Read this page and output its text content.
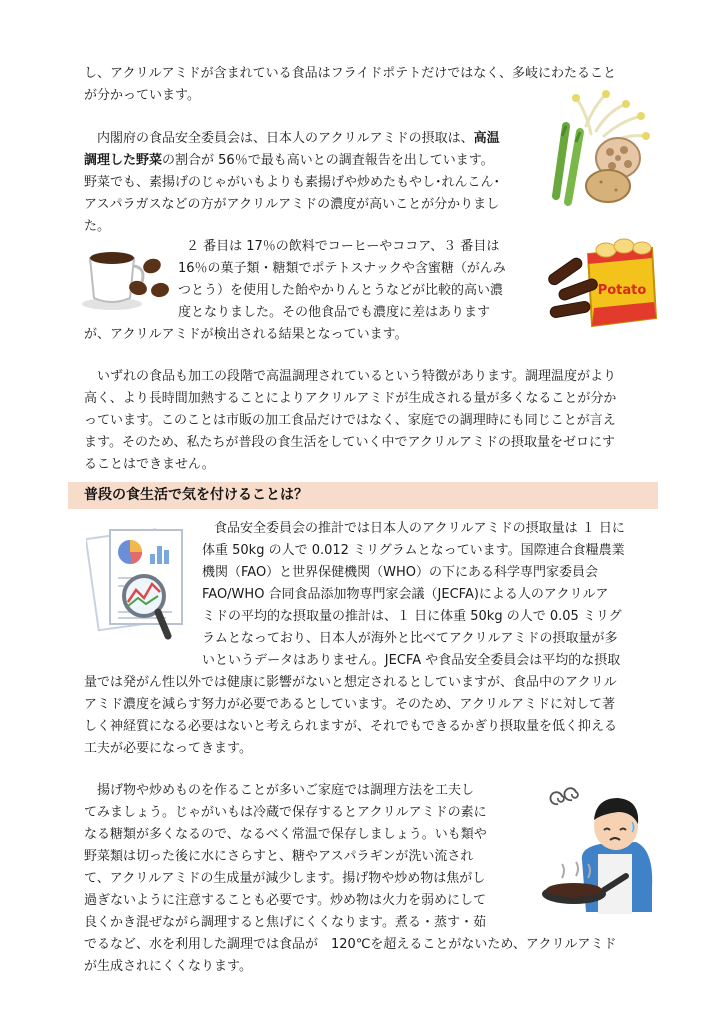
し、アクリルアミドが含まれている食品はフライドポテトだけではなく、多岐にわたること
が分かっています。
　内閣府の食品安全委員会は、日本人のアクリルアミドの摂取は、高温
調理した野菜の割合が 56％で最も高いとの調査報告を出しています。
野菜でも、素揚げのじゃがいもよりも素揚げや炒めたもやし･れんこん･
アスパラガスなどの方がアクリルアミドの濃度が高いことが分かりまし
た。
２ 番目は 17％の飲料でコーヒーやココア、３ 番目は
16％の菓子類・糖類でポテトスナックや含蜜糖（がんみ
つとう）を使用した飴やかりんとうなどが比較的高い濃
度となりました。その他食品でも濃度に差はあります
が、アクリルアミドが検出される結果となっています。
　いずれの食品も加工の段階で高温調理されているという特徴があります。調理温度がより
高く、より長時間加熱することによりアクリルアミドが生成される量が多くなることが分か
っています。このことは市販の加工食品だけではなく、家庭での調理時にも同じことが言え
ます。そのため、私たちが普段の食生活をしていく中でアクリルアミドの摂取量をゼロにす
ることはできません。
普段の食生活で気を付けることは？
食品安全委員会の推計では日本人のアクリルアミドの摂取量は １ 日に
体重 50kg の人で 0.012 ミリグラムとなっています。国際連合食糧農業
機関（FAO）と世界保健機関（WHO）の下にある科学専門家委員会
FAO/WHO 合同食品添加物専門家会議（JECFA)による人のアクリルア
ミドの平均的な摂取量の推計は、１ 日に体重 50kg の人で 0.05 ミリグ
ラムとなっており、日本人が海外と比べてアクリルアミドの摂取量が多
いというデータはありません。JECFA や食品安全委員会は平均的な摂取
量では発がん性以外では健康に影響がないと想定されるとしていますが、食品中のアクリル
アミド濃度を減らす努力が必要であるとしています。そのため、アクリルアミドに対して著
しく神経質になる必要はないと考えられますが、それでもできるかぎり摂取量を低く抑える
工夫が必要になってきます。
　揚げ物や炒めものを作ることが多いご家庭では調理方法を工夫し
てみましょう。じゃがいもは冷蔵で保存するとアクリルアミドの素に
なる糖類が多くなるので、なるべく常温で保存しましょう。いも類や
野菜類は切った後に水にさらすと、糖やアスパラギンが洗い流され
て、アクリルアミドの生成量が減少します。揚げ物や炒め物は焦がし
過ぎないように注意することも必要です。炒め物は火力を弱めにして
良くかき混ぜながら調理すると焦げにくくなります。煮る・蒸す・茹
でるなど、水を利用した調理では食品が　120℃を超えることがないため、アクリルアミド
が生成されにくくなります。
Potato
